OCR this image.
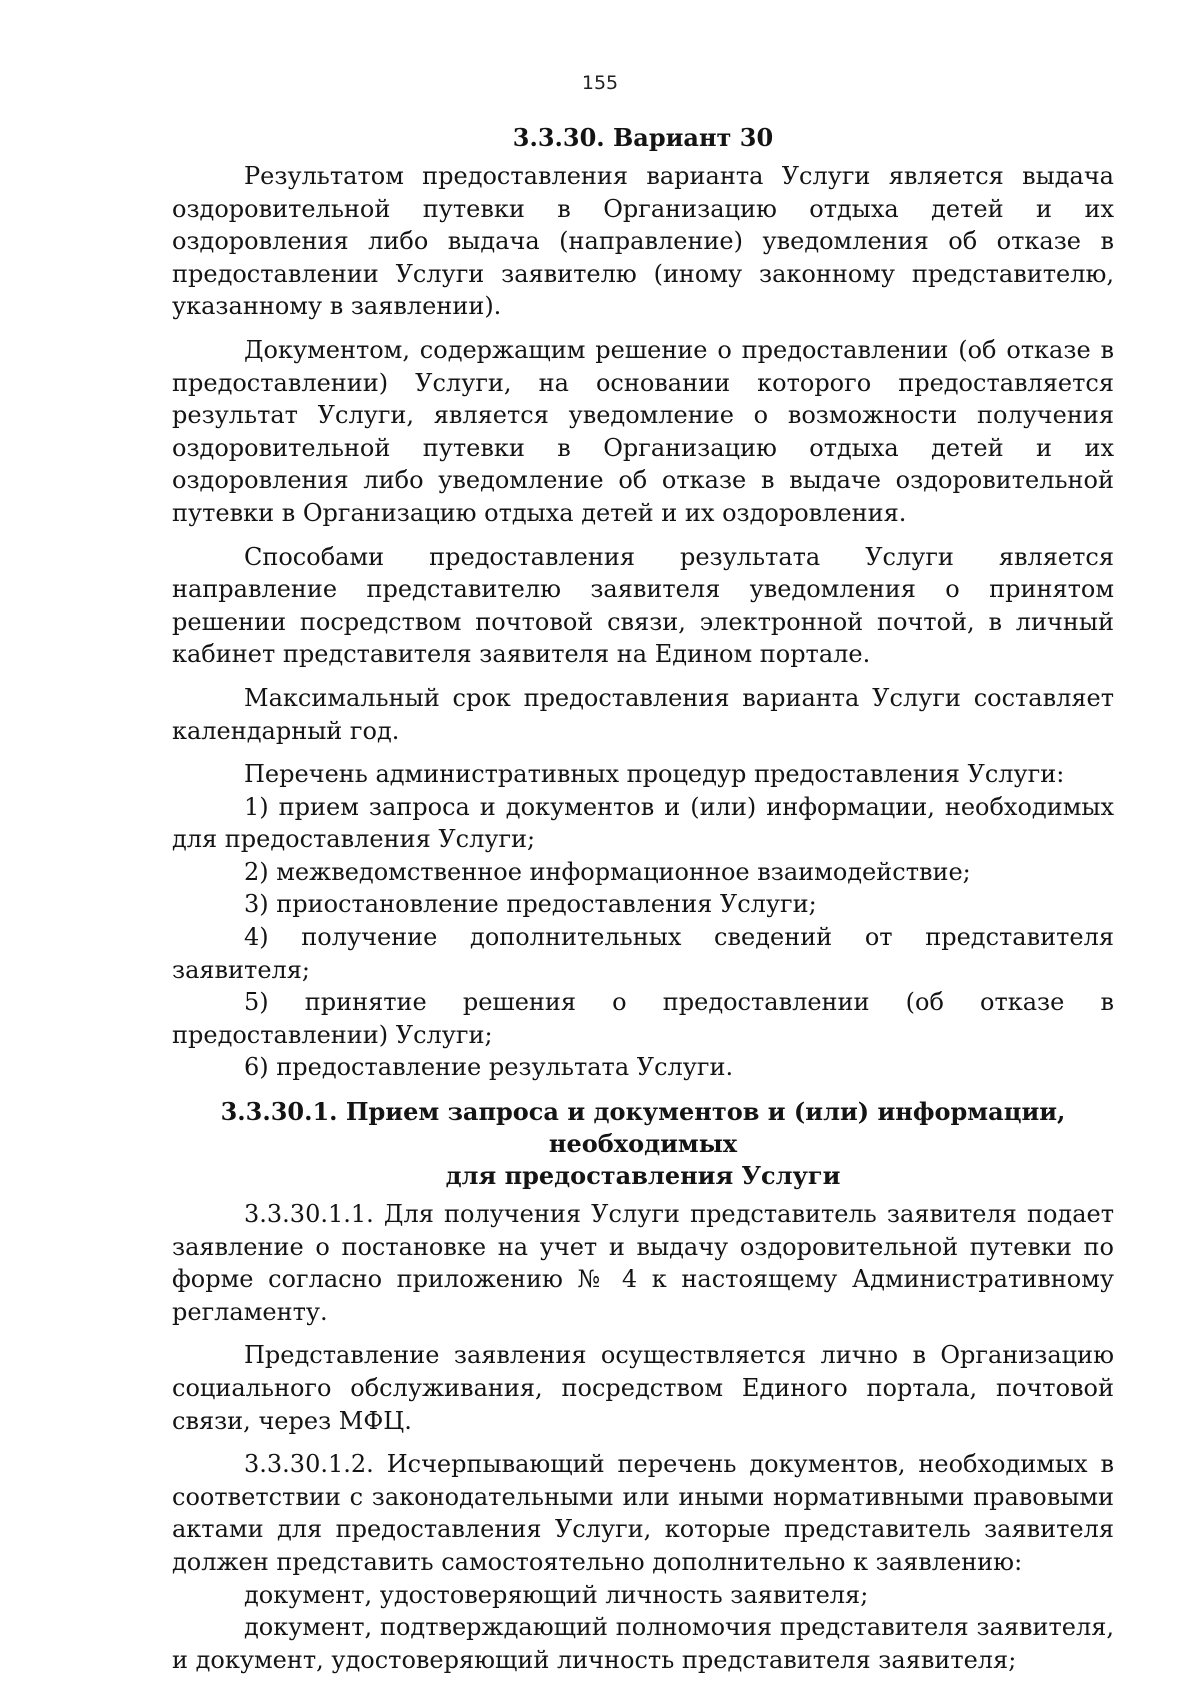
155
3.3.30. Вариант 30

Результатом предоставления варианта Услуги является выдача оздоровительной путевки в Организацию отдыха детей и их оздоровления либо выдача (направление) уведомления об отказе в предоставлении Услуги заявителю (иному законному представителю, указанному в заявлении).

Документом, содержащим решение о предоставлении (об отказе в предоставлении) Услуги, на основании которого предоставляется результат Услуги, является уведомление о возможности получения оздоровительной путевки в Организацию отдыха детей и их оздоровления либо уведомление об отказе в выдаче оздоровительной путевки в Организацию отдыха детей и их оздоровления.

Способами предоставления результата Услуги является направление представителю заявителя уведомления о принятом решении посредством почтовой связи, электронной почтой, в личный кабинет представителя заявителя на Едином портале.

Максимальный срок предоставления варианта Услуги составляет календарный год.

Перечень административных процедур предоставления Услуги:

1) прием запроса и документов и (или) информации, необходимых для предоставления Услуги;

2) межведомственное информационное взаимодействие;

3) приостановление предоставления Услуги;

4) получение дополнительных сведений от представителя заявителя;

5) принятие решения о предоставлении (об отказе в предоставлении) Услуги;

6) предоставление результата Услуги.

3.3.30.1. Прием запроса и документов и (или) информации, необходимых
для предоставления Услуги

3.3.30.1.1. Для получения Услуги представитель заявителя подает заявление о постановке на учет и выдачу оздоровительной путевки по форме согласно приложению № 4 к настоящему Административному регламенту.

Представление заявления осуществляется лично в Организацию социального обслуживания, посредством Единого портала, почтовой связи, через МФЦ.

3.3.30.1.2. Исчерпывающий перечень документов, необходимых в соответствии с законодательными или иными нормативными правовыми актами для предоставления Услуги, которые представитель заявителя должен представить самостоятельно дополнительно к заявлению:

документ, удостоверяющий личность заявителя;

документ, подтверждающий полномочия представителя заявителя, и документ, удостоверяющий личность представителя заявителя;
